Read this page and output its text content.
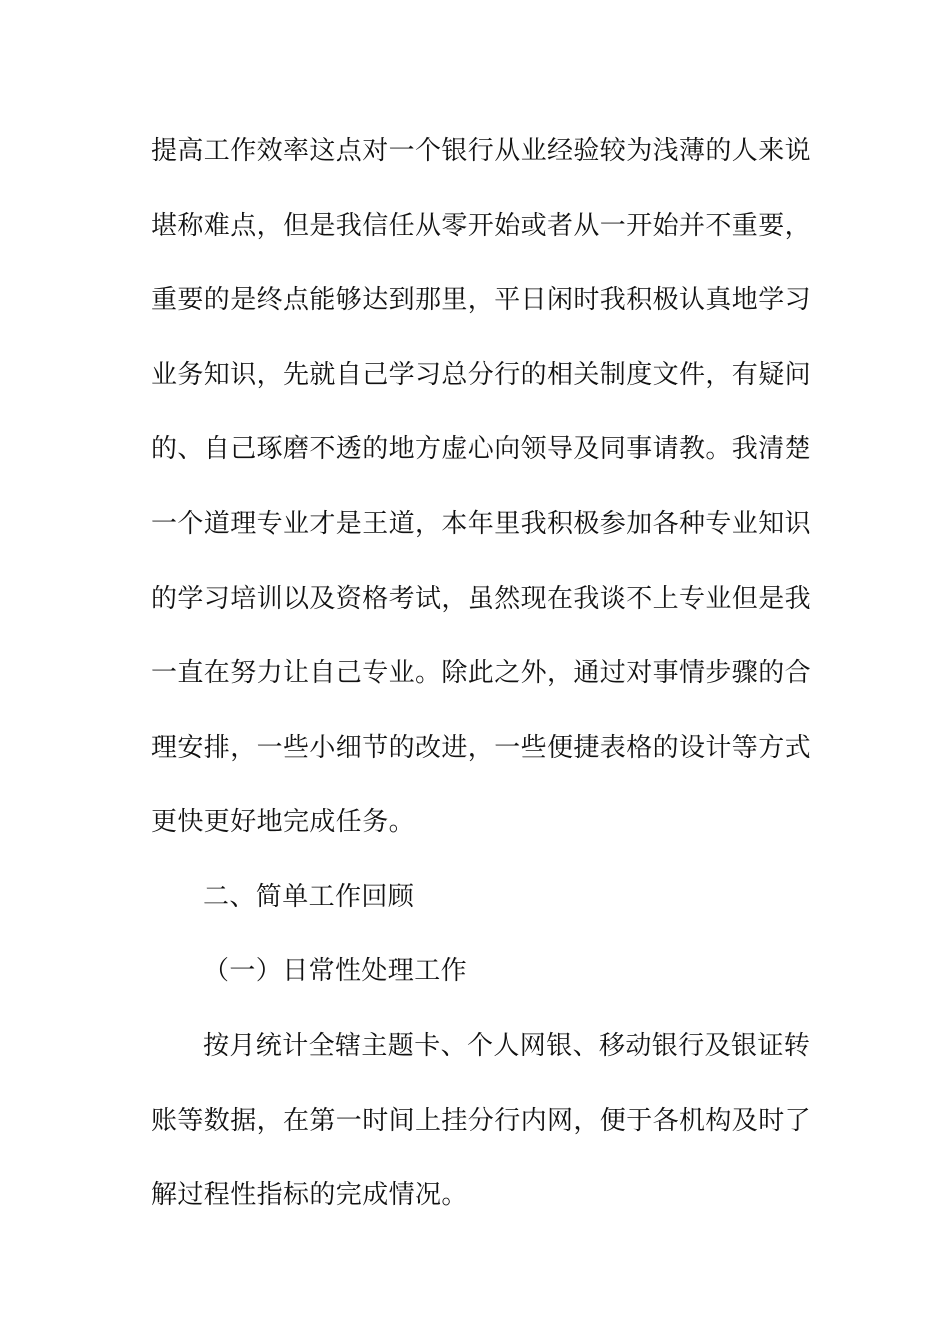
提高工作效率这点对一个银行从业经验较为浅薄的人来说
堪称难点，但是我信任从零开始或者从一开始并不重要，
重要的是终点能够达到那里，平日闲时我积极认真地学习
业务知识，先就自己学习总分行的相关制度文件，有疑问
的、自己琢磨不透的地方虚心向领导及同事请教。我清楚
一个道理专业才是王道，本年里我积极参加各种专业知识
的学习培训以及资格考试，虽然现在我谈不上专业但是我
一直在努力让自己专业。除此之外，通过对事情步骤的合
理安排，一些小细节的改进，一些便捷表格的设计等方式
更快更好地完成任务。
二、简单工作回顾
（一）日常性处理工作
按月统计全辖主题卡、个人网银、移动银行及银证转
账等数据，在第一时间上挂分行内网，便于各机构及时了
解过程性指标的完成情况。
